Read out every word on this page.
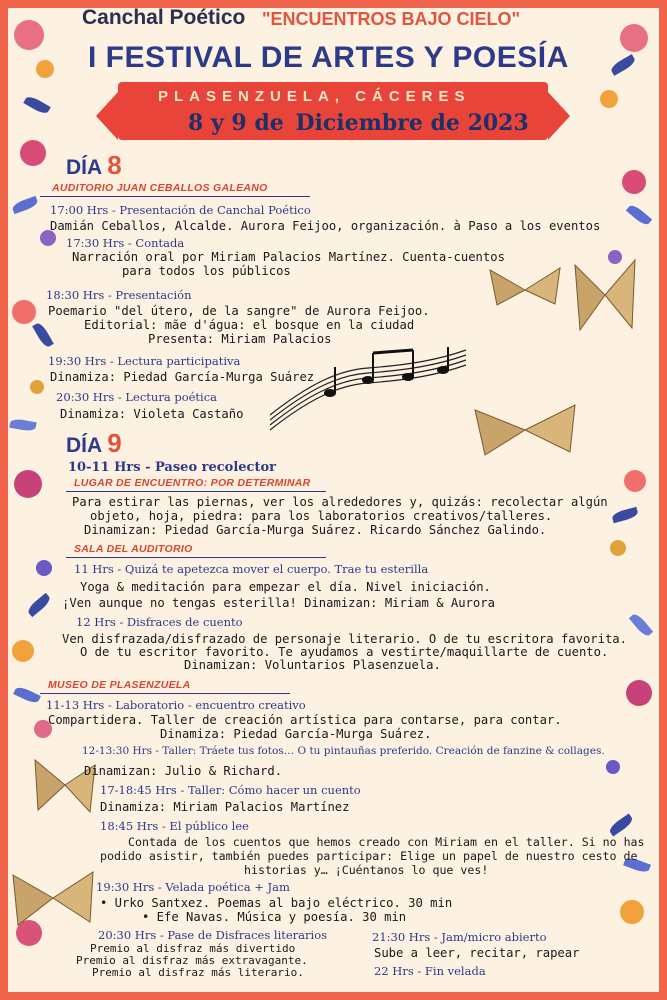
Canchal Poético "ENCUENTROS BAJO CIELO"
I FESTIVAL DE ARTES Y POESÍA
PLASENZUELA, CÁCERES
8 y 9 de Diciembre de 2023
DÍA 8
AUDITORIO JUAN CEBALLOS GALEANO
17:00 Hrs - Presentación de Canchal Poético
Damián Ceballos, Alcalde. Aurora Feijoo, organización. à Paso a los eventos
17:30 Hrs - Contada
Narración oral por Miriam Palacios Martínez. Cuenta-cuentos
para todos los públicos
18:30 Hrs - Presentación
Poemario "del útero, de la sangre" de Aurora Feijoo.
Editorial: mãe d'água: el bosque en la ciudad
Presenta: Miriam Palacios
19:30 Hrs - Lectura participativa
Dinamiza: Piedad García-Murga Suárez
20:30 Hrs - Lectura poética
Dinamiza: Violeta Castaño
DÍA 9
10-11 Hrs - Paseo recolector
LUGAR DE ENCUENTRO: POR DETERMINAR
Para estirar las piernas, ver los alrededores y, quizás: recolectar algún
objeto, hoja, piedra: para los laboratorios creativos/talleres.
Dinamizan: Piedad García-Murga Suárez. Ricardo Sánchez Galindo.
SALA DEL AUDITORIO
11 Hrs - Quizá te apetezca mover el cuerpo. Trae tu esterilla
Yoga & meditación para empezar el día. Nivel iniciación.
¡Ven aunque no tengas esterilla! Dinamizan: Miriam & Aurora
12 Hrs - Disfraces de cuento
Ven disfrazada/disfrazado de personaje literario. O de tu escritora favorita.
O de tu escritor favorito. Te ayudamos a vestirte/maquillarte de cuento.
Dinamizan: Voluntarios Plasenzuela.
MUSEO DE PLASENZUELA
11-13 Hrs - Laboratorio - encuentro creativo
Compartidera. Taller de creación artística para contarse, para contar.
Dinamiza: Piedad García-Murga Suárez.
12-13:30 Hrs - Taller: Tráete tus fotos… O tu pintauñas preferido. Creación de fanzine & collages.
Dinamizan: Julio & Richard.
17-18:45 Hrs - Taller: Cómo hacer un cuento
Dinamiza: Miriam Palacios Martínez
18:45 Hrs - El público lee
Contada de los cuentos que hemos creado con Miriam en el taller. Si no has
podido asistir, también puedes participar: Elige un papel de nuestro cesto de
historias y… ¡Cuéntanos lo que ves!
19:30 Hrs - Velada poética + Jam
• Urko Santxez. Poemas al bajo eléctrico. 30 min
• Efe Navas. Música y poesía. 30 min
20:30 Hrs - Pase de Disfraces literarios
Premio al disfraz más divertido
Premio al disfraz más extravagante.
Premio al disfraz más literario.
21:30 Hrs - Jam/micro abierto
Sube a leer, recitar, rapear
22 Hrs - Fin velada
